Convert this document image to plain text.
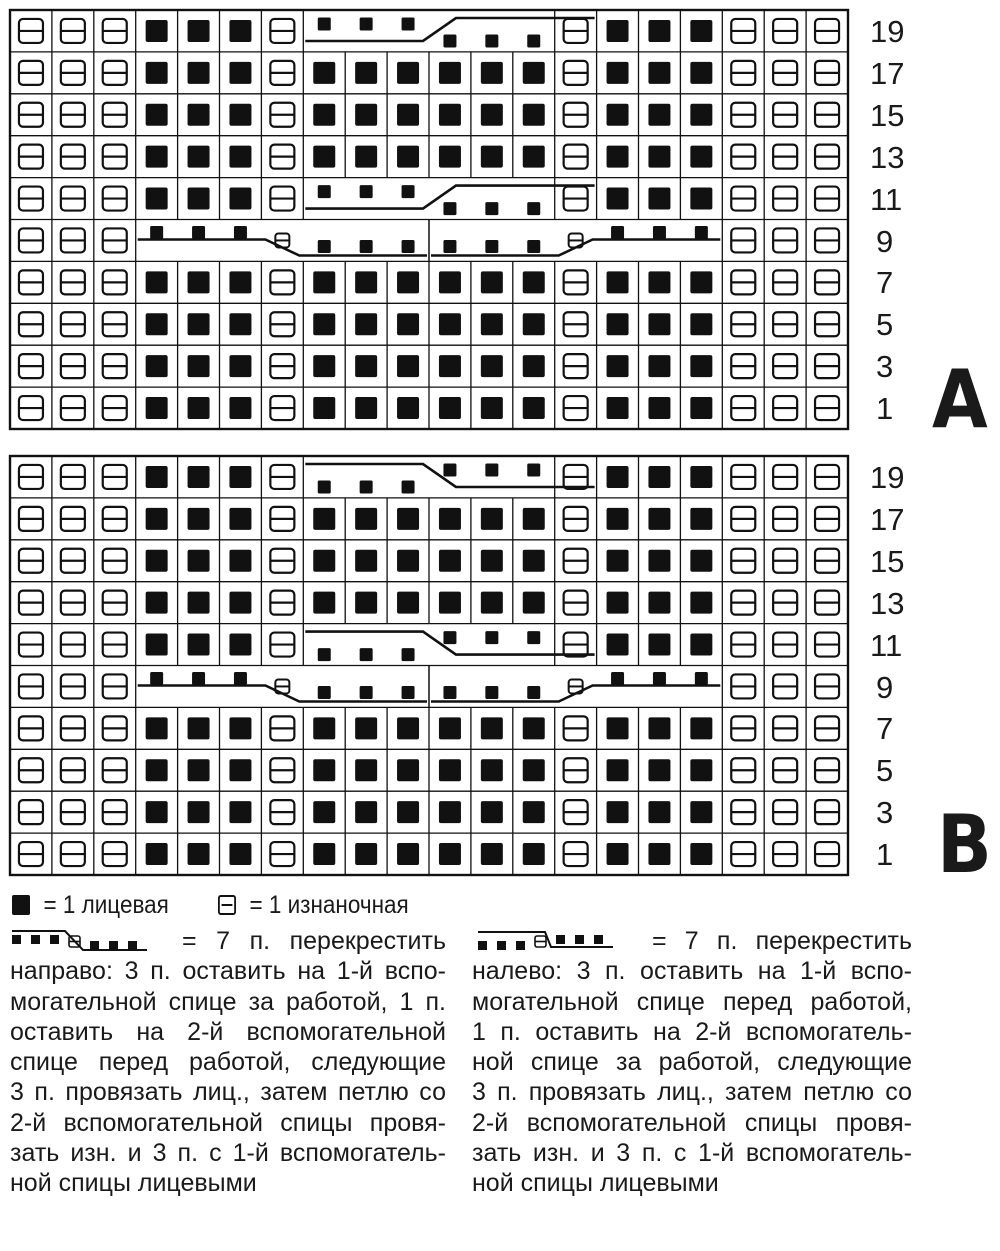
19
17
15
13
11
9
7
5
3
1
19
17
15
13
11
9
7
5
3
1
A
B
= 1 лицевая	= 1 изнаночная
= 7 п. перекрестить
направо: 3 п. оставить на 1-й вспо-
могательной спице за работой, 1 п.
оставить на 2-й вспомогательной
спице перед работой, следующие
3 п. провязать лиц., затем петлю со
2-й вспомогательной спицы провя-
зать изн. и 3 п. с 1-й вспомогатель-
ной спицы лицевыми
= 7 п. перекрестить
налево: 3 п. оставить на 1-й вспо-
могательной спице перед работой,
1 п. оставить на 2-й вспомогатель-
ной спице за работой, следующие
3 п. провязать лиц., затем петлю со
2-й вспомогательной спицы провя-
зать изн. и 3 п. с 1-й вспомогатель-
ной спицы лицевыми
